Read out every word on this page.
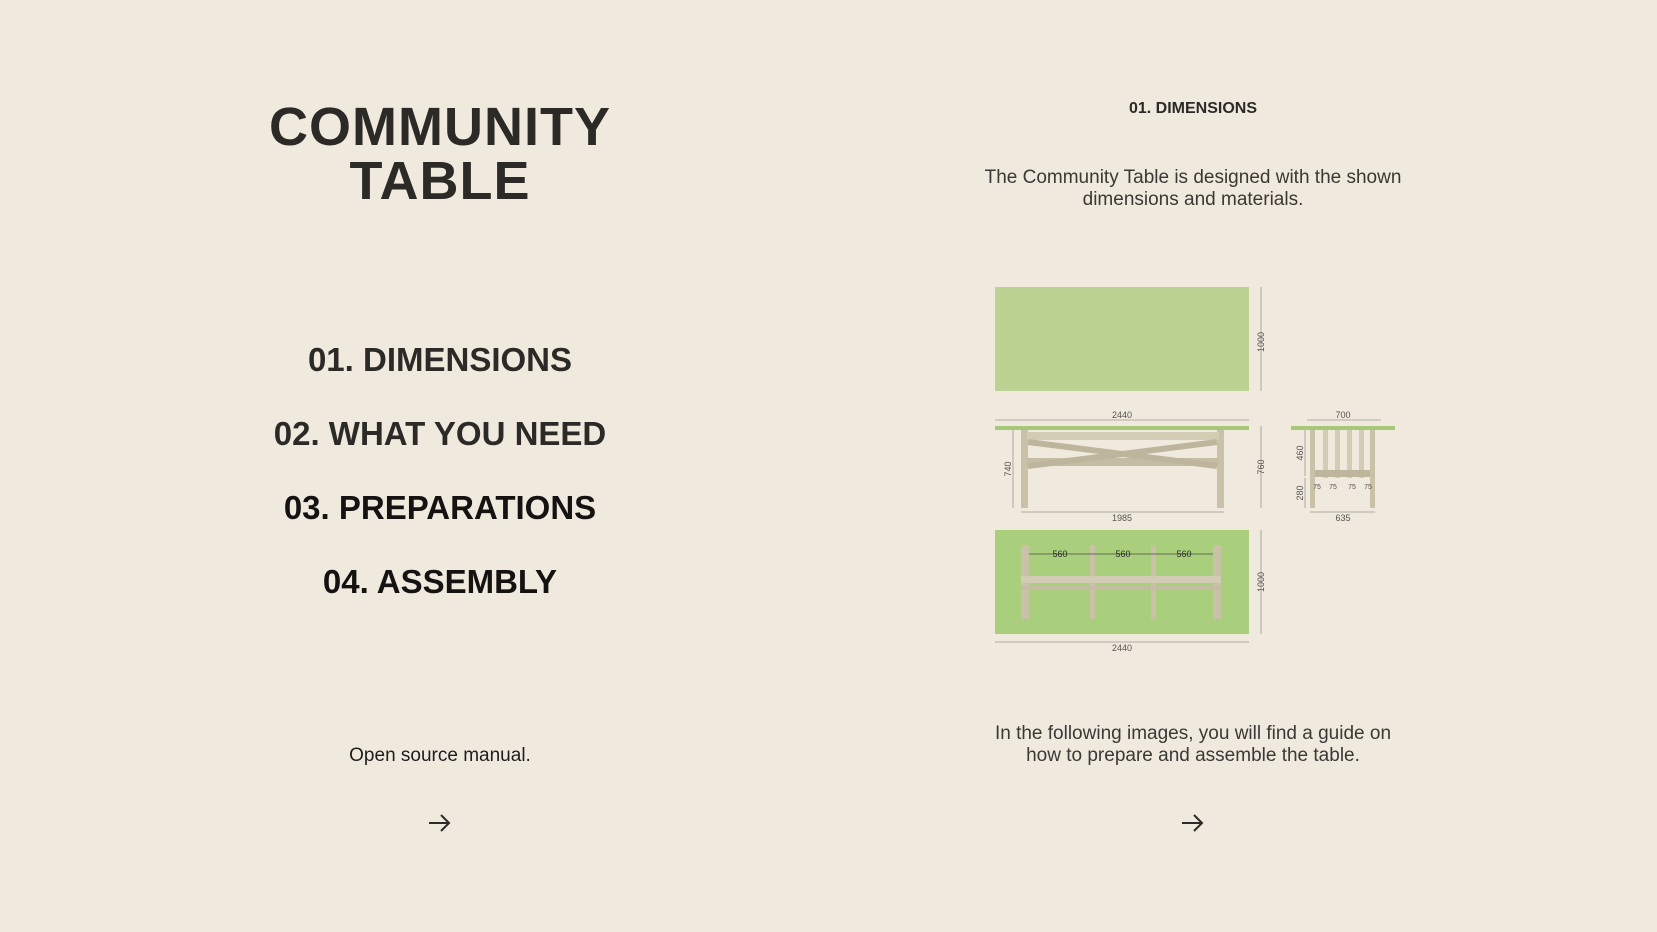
COMMUNITY
TABLE
01. DIMENSIONS
02. WHAT YOU NEED
03. PREPARATIONS
04. ASSEMBLY
Open source manual.
01. DIMENSIONS
The Community Table is designed with the shown dimensions and materials.
1000
2440
740	760
1985
700
460
280 75 75 75 75
635
560	560	560
1000
2440
In the following images, you will find a guide on how to prepare and assemble the table.
